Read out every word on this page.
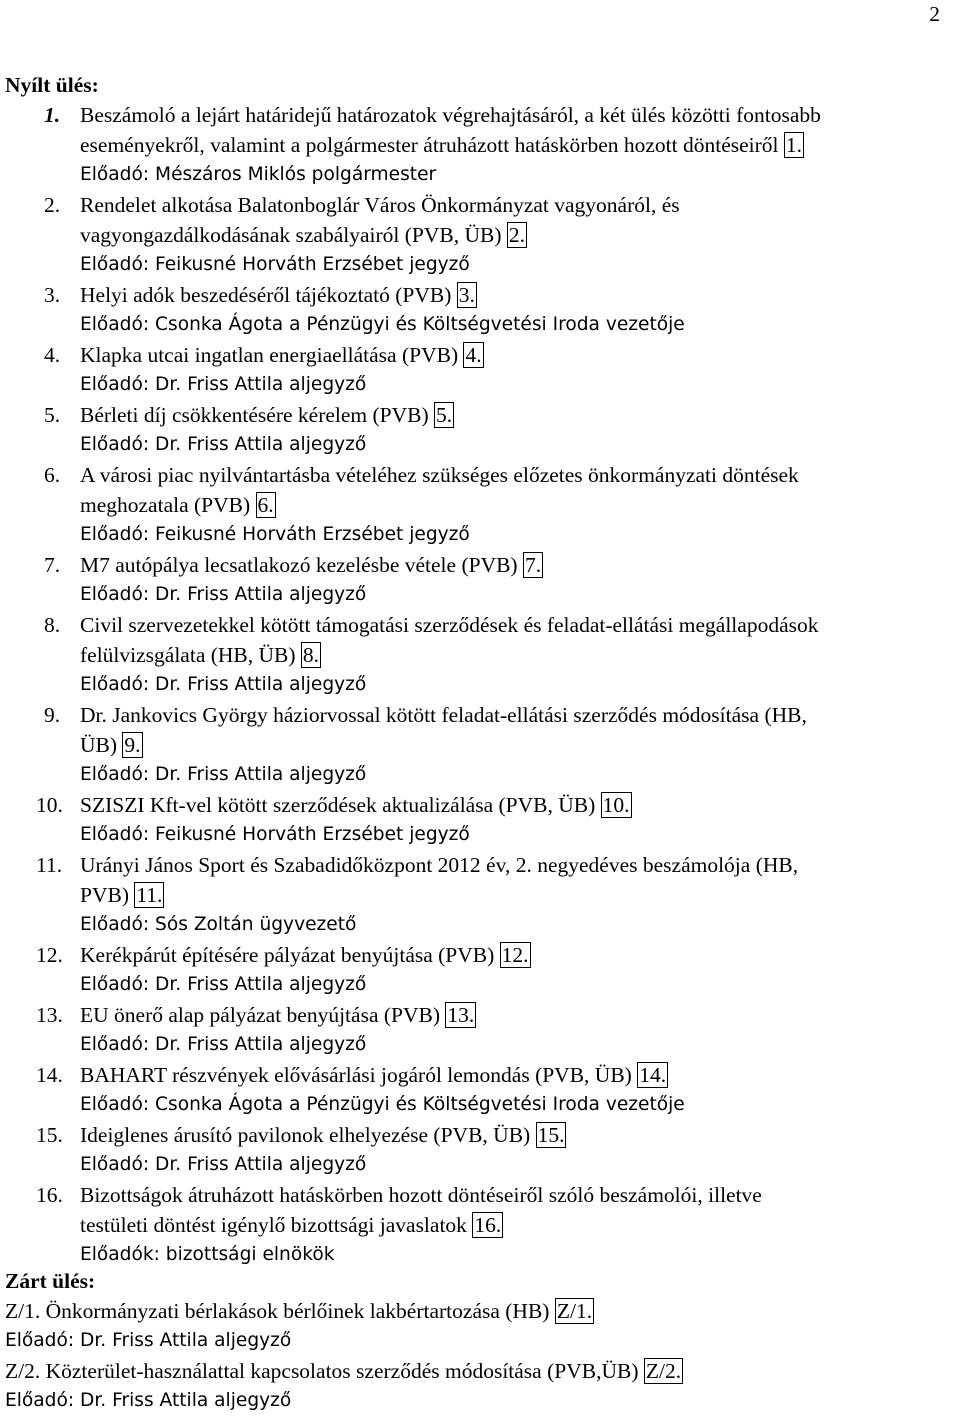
2
Nyílt ülés:
1. Beszámoló a lejárt határidejű határozatok végrehajtásáról, a két ülés közötti fontosabb
eseményekről, valamint a polgármester átruházott hatáskörben hozott döntéseiről 1.
Előadó: Mészáros Miklós polgármester
2. Rendelet alkotása Balatonboglár Város Önkormányzat vagyonáról, és
vagyongazdálkodásának szabályairól (PVB, ÜB) 2.
Előadó: Feikusné Horváth Erzsébet jegyző
3. Helyi adók beszedéséről tájékoztató (PVB) 3.
Előadó: Csonka Ágota a Pénzügyi és Költségvetési Iroda vezetője
4. Klapka utcai ingatlan energiaellátása (PVB) 4.
Előadó: Dr. Friss Attila aljegyző
5. Bérleti díj csökkentésére kérelem (PVB) 5.
Előadó: Dr. Friss Attila aljegyző
6. A városi piac nyilvántartásba vételéhez szükséges előzetes önkormányzati döntések
meghozatala (PVB) 6.
Előadó: Feikusné Horváth Erzsébet jegyző
7. M7 autópálya lecsatlakozó kezelésbe vétele (PVB) 7.
Előadó: Dr. Friss Attila aljegyző
8. Civil szervezetekkel kötött támogatási szerződések és feladat-ellátási megállapodások
felülvizsgálata (HB, ÜB) 8.
Előadó: Dr. Friss Attila aljegyző
9. Dr. Jankovics György háziorvossal kötött feladat-ellátási szerződés módosítása (HB,
ÜB) 9.
Előadó: Dr. Friss Attila aljegyző
10. SZISZI Kft-vel kötött szerződések aktualizálása (PVB, ÜB) 10.
Előadó: Feikusné Horváth Erzsébet jegyző
11. Urányi János Sport és Szabadidőközpont 2012 év, 2. negyedéves beszámolója (HB,
PVB) 11.
Előadó: Sós Zoltán ügyvezető
12. Kerékpárút építésére pályázat benyújtása (PVB) 12.
Előadó: Dr. Friss Attila aljegyző
13. EU önerő alap pályázat benyújtása (PVB) 13.
Előadó: Dr. Friss Attila aljegyző
14. BAHART részvények elővásárlási jogáról lemondás (PVB, ÜB) 14.
Előadó: Csonka Ágota a Pénzügyi és Költségvetési Iroda vezetője
15. Ideiglenes árusító pavilonok elhelyezése (PVB, ÜB) 15.
Előadó: Dr. Friss Attila aljegyző
16. Bizottságok átruházott hatáskörben hozott döntéseiről szóló beszámolói, illetve
testületi döntést igénylő bizottsági javaslatok 16.
Előadók: bizottsági elnökök
Zárt ülés:
Z/1. Önkormányzati bérlakások bérlőinek lakbértartozása (HB) Z/1.
Előadó: Dr. Friss Attila aljegyző
Z/2. Közterület-használattal kapcsolatos szerződés módosítása (PVB,ÜB) Z/2.
Előadó: Dr. Friss Attila aljegyző
